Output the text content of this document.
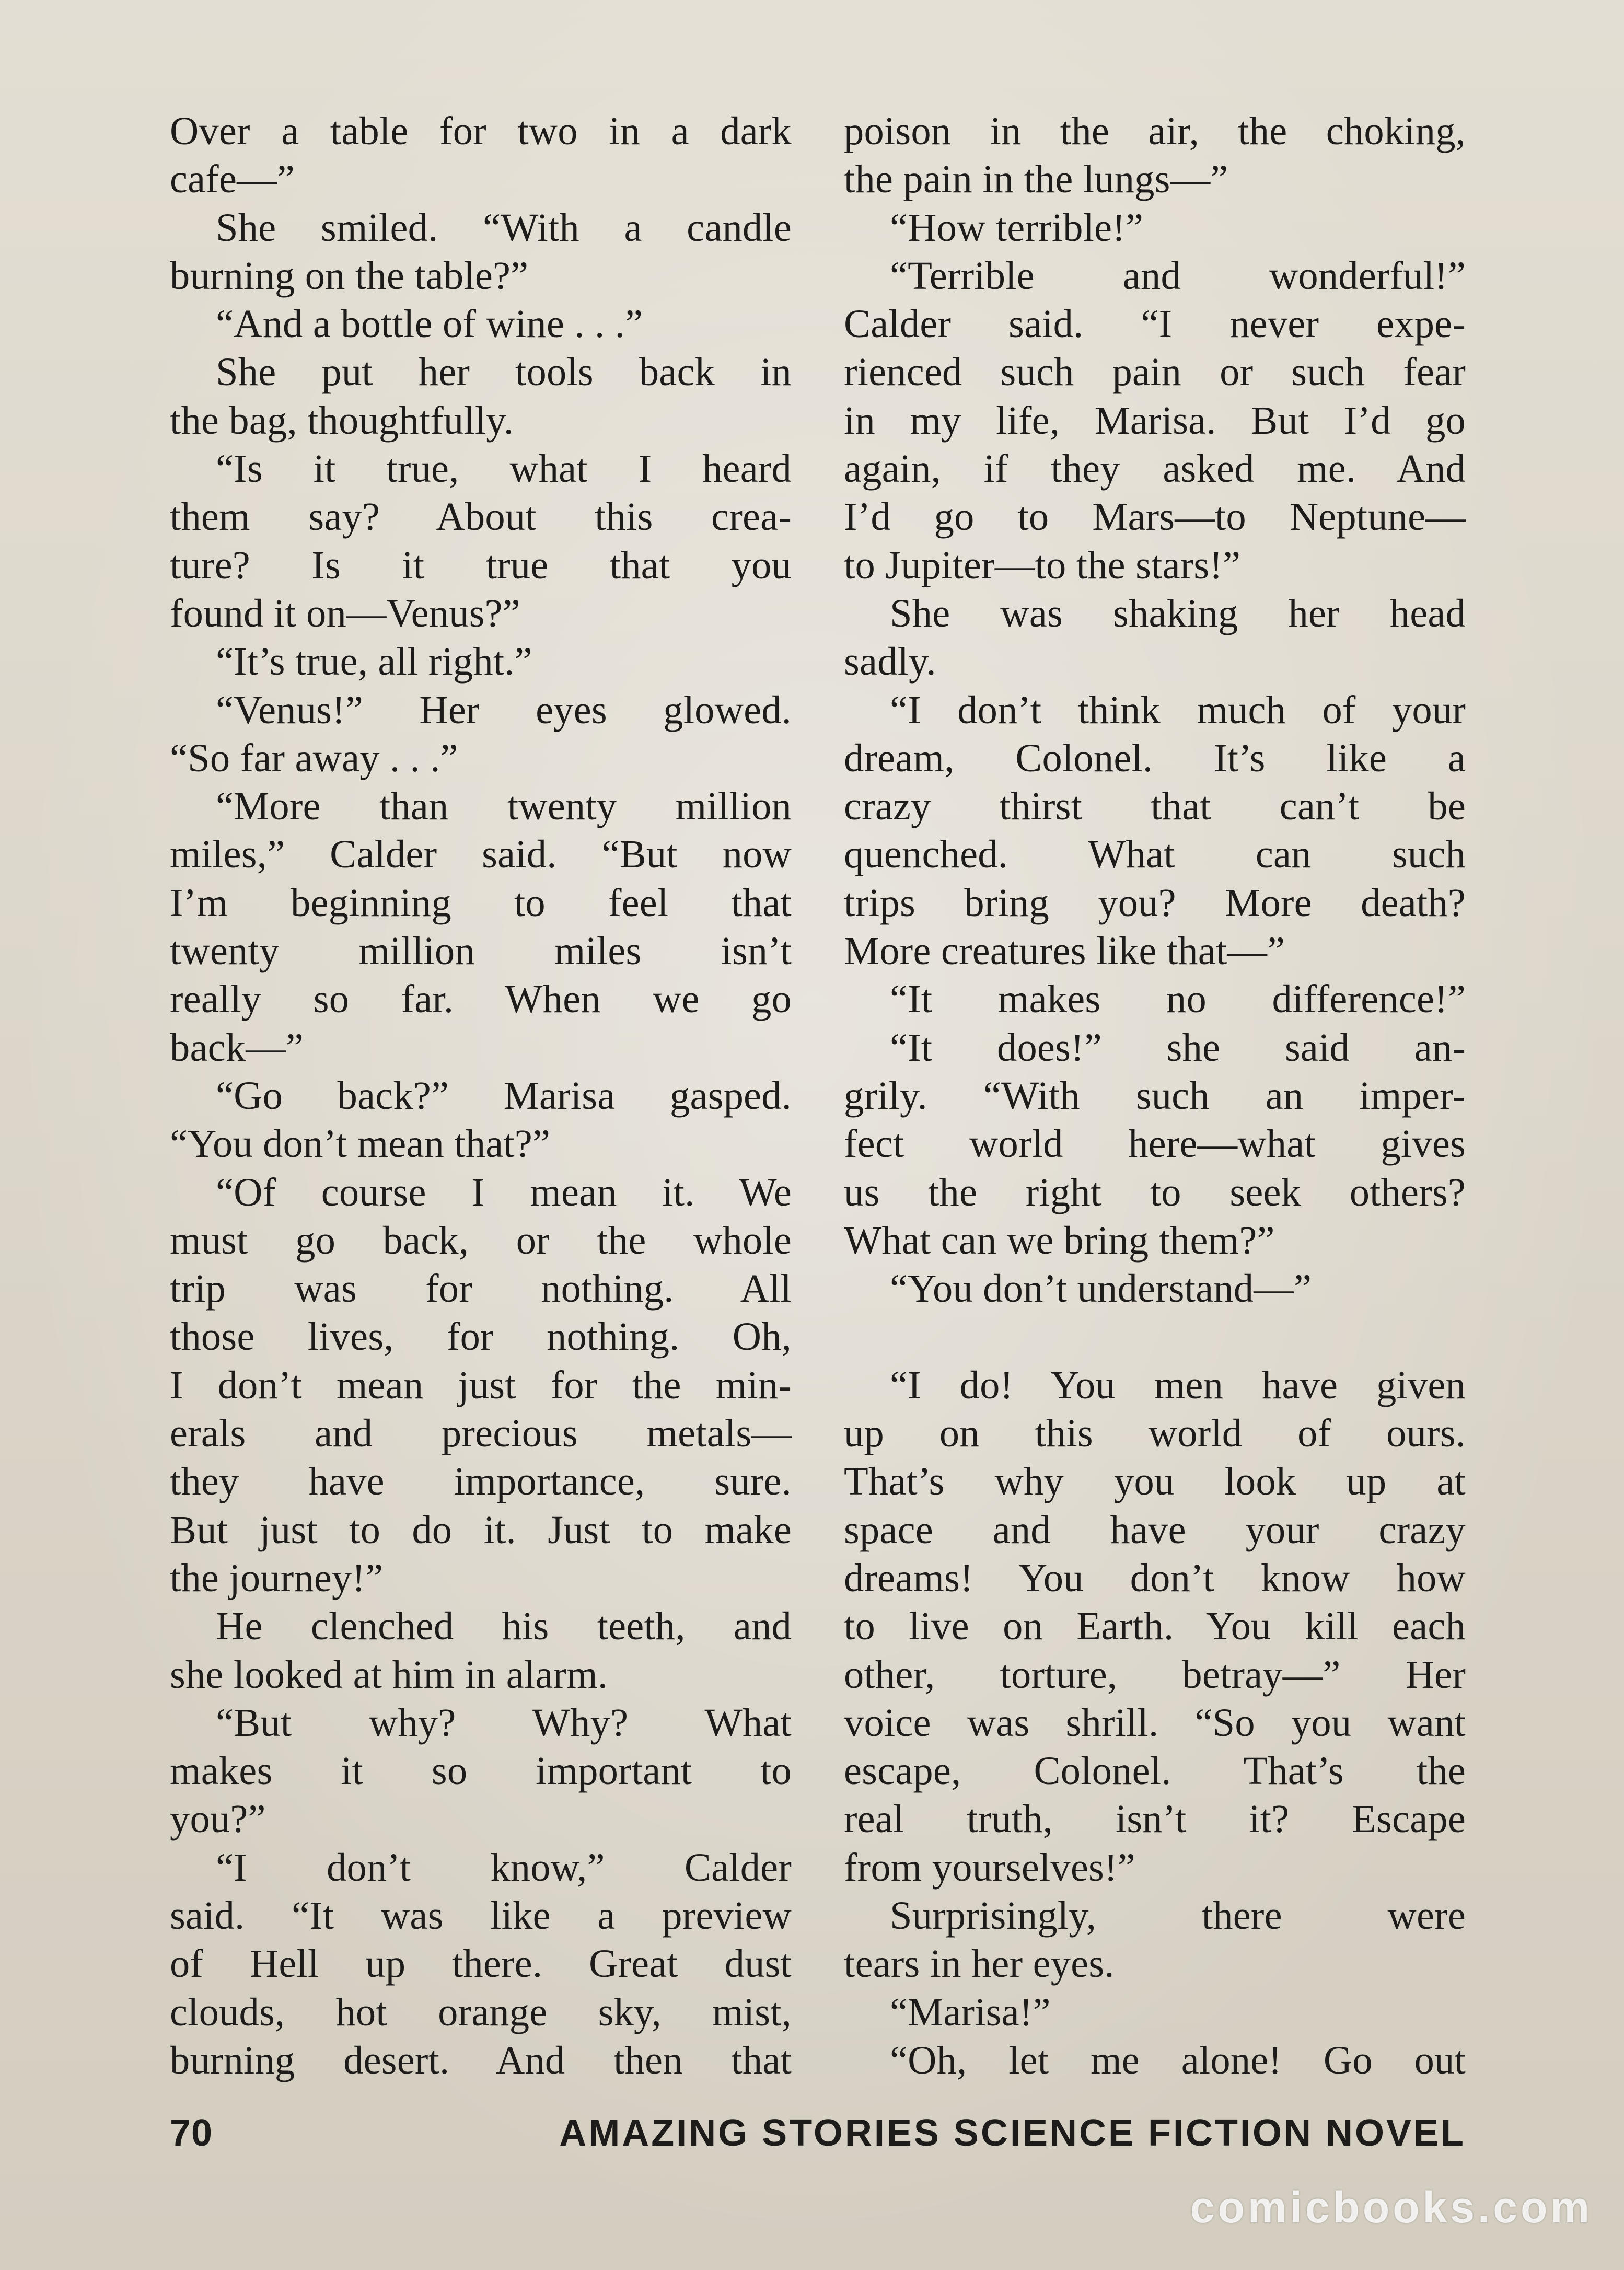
Over a table for two in a dark
cafe—”
She smiled. “With a candle
burning on the table?”
“And a bottle of wine . . .”
She put her tools back in
the bag, thoughtfully.
“Is it true, what I heard
them say? About this crea-
ture? Is it true that you
found it on—Venus?”
“It’s true, all right.”
“Venus!” Her eyes glowed.
“So far away . . .”
“More than twenty million
miles,” Calder said. “But now
I’m beginning to feel that
twenty million miles isn’t
really so far. When we go
back—”
“Go back?” Marisa gasped.
“You don’t mean that?”
“Of course I mean it. We
must go back, or the whole
trip was for nothing. All
those lives, for nothing. Oh,
I don’t mean just for the min-
erals and precious metals—
they have importance, sure.
But just to do it. Just to make
the journey!”
He clenched his teeth, and
she looked at him in alarm.
“But why? Why? What
makes it so important to
you?”
“I don’t know,” Calder
said. “It was like a preview
of Hell up there. Great dust
clouds, hot orange sky, mist,
burning desert. And then that
poison in the air, the choking,
the pain in the lungs—”
“How terrible!”
“Terrible and wonderful!”
Calder said. “I never expe-
rienced such pain or such fear
in my life, Marisa. But I’d go
again, if they asked me. And
I’d go to Mars—to Neptune—
to Jupiter—to the stars!”
She was shaking her head
sadly.
“I don’t think much of your
dream, Colonel. It’s like a
crazy thirst that can’t be
quenched. What can such
trips bring you? More death?
More creatures like that—”
“It makes no difference!”
“It does!” she said an-
grily. “With such an imper-
fect world here—what gives
us the right to seek others?
What can we bring them?”
“You don’t understand—”
“I do! You men have given
up on this world of ours.
That’s why you look up at
space and have your crazy
dreams! You don’t know how
to live on Earth. You kill each
other, torture, betray—” Her
voice was shrill. “So you want
escape, Colonel. That’s the
real truth, isn’t it? Escape
from yourselves!”
Surprisingly, there were
tears in her eyes.
“Marisa!”
“Oh, let me alone! Go out
70	AMAZING STORIES SCIENCE FICTION NOVEL
comicbooks.com
